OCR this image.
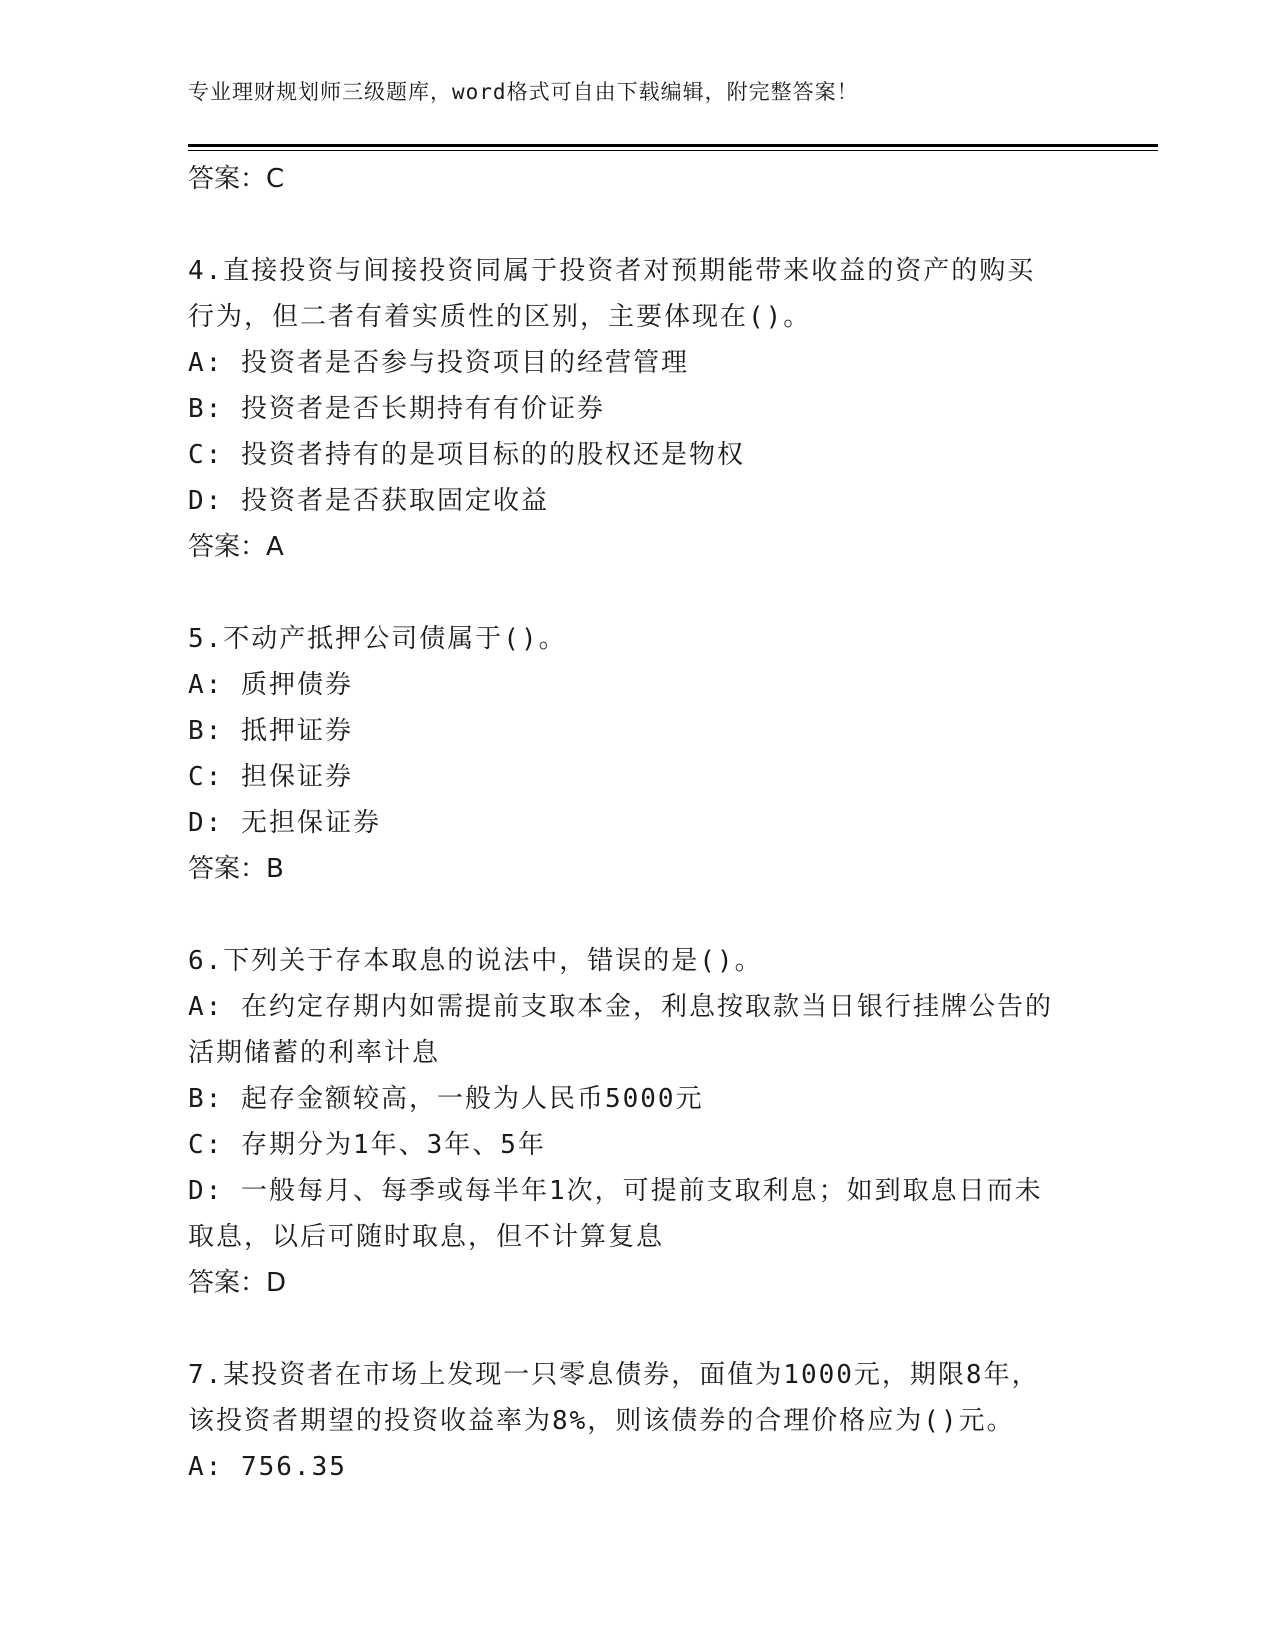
专业理财规划师三级题库，word格式可自由下载编辑，附完整答案！
答案：C
4.直接投资与间接投资同属于投资者对预期能带来收益的资产的购买
行为，但二者有着实质性的区别，主要体现在()。
A: 投资者是否参与投资项目的经营管理
B: 投资者是否长期持有有价证券
C: 投资者持有的是项目标的的股权还是物权
D: 投资者是否获取固定收益
答案：A
5.不动产抵押公司债属于()。
A: 质押债券
B: 抵押证券
C: 担保证券
D: 无担保证券
答案：B
6.下列关于存本取息的说法中，错误的是()。
A: 在约定存期内如需提前支取本金，利息按取款当日银行挂牌公告的
活期储蓄的利率计息
B: 起存金额较高，一般为人民币5000元
C: 存期分为1年、3年、5年
D: 一般每月、每季或每半年1次，可提前支取利息；如到取息日而未
取息，以后可随时取息，但不计算复息
答案：D
7.某投资者在市场上发现一只零息债券，面值为1000元，期限8年，
该投资者期望的投资收益率为8%，则该债券的合理价格应为()元。
A: 756.35
